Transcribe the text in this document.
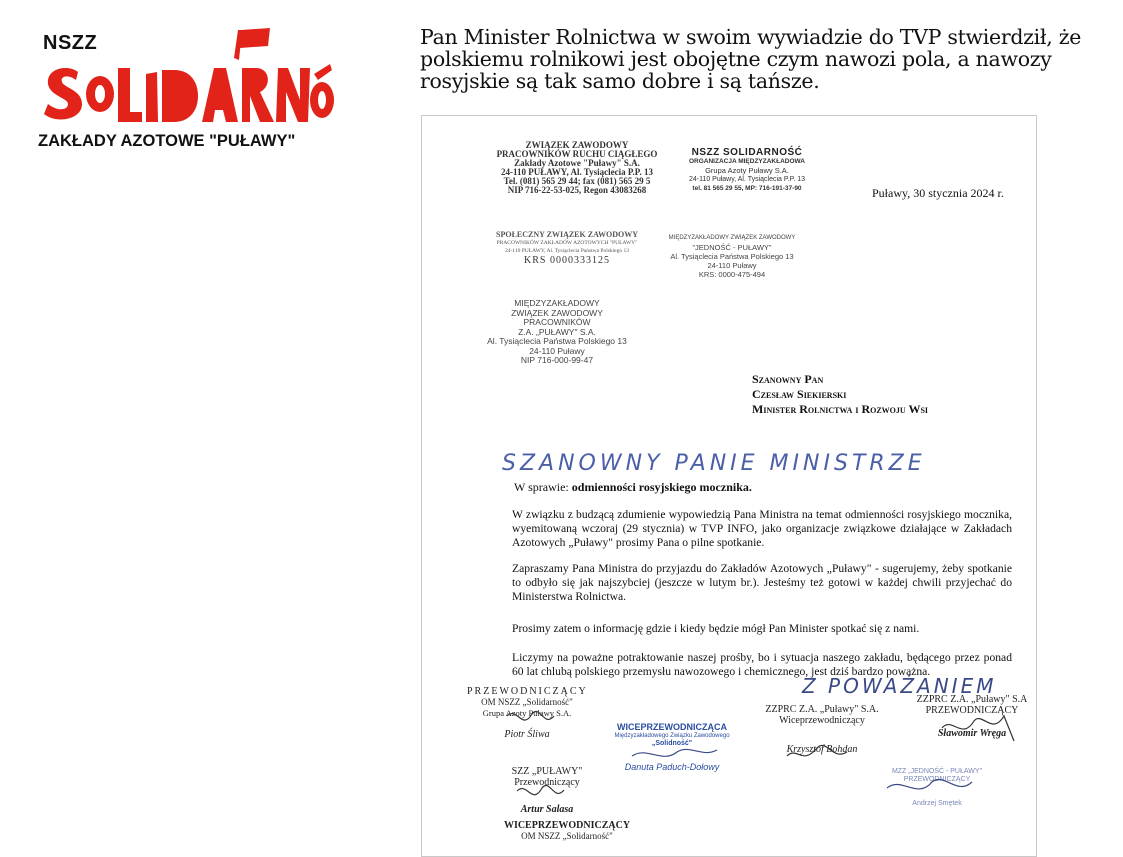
NSZZ
ZAKŁADY AZOTOWE "PUŁAWY"
Pan Minister Rolnictwa w swoim wywiadzie do TVP stwierdził, że
polskiemu rolnikowi jest obojętne czym nawozi pola, a nawozy
rosyjskie są tak samo dobre i są tańsze.
ZWIĄZEK ZAWODOWY
PRACOWNIKÓW RUCHU CIĄGŁEGO
Zakłady Azotowe "Puławy" S.A.
24-110 PUŁAWY, Al. Tysiąclecia P.P. 13
Tel. (081) 565 29 44; fax (081) 565 29 5
NIP 716-22-53-025, Regon 43083268
NSZZ SOLIDARNOŚĆ
ORGANIZACJA MIĘDZYZAKŁADOWA
Grupa Azoty Puławy S.A.
24-110 Puławy, Al. Tysiąclecia P.P. 13
tel. 81 565 29 55, MP: 716-191-37-90	Puławy, 30 stycznia 2024 r.
SPOŁECZNY ZWIĄZEK ZAWODOWY
PRACOWNIKÓW ZAKŁADÓW AZOTOWYCH "PUŁAWY"
24-110 PUŁAWY, Al. Tysiąclecia Państwa Polskiego 13
KRS 0000333125
MIĘDZYZAKŁADOWY ZWIĄZEK ZAWODOWY
"JEDNOŚĆ - PUŁAWY"
Al. Tysiąclecia Państwa Polskiego 13
24-110 Puławy
KRS: 0000-475-494
MIĘDZYZAKŁADOWY
ZWIĄZEK ZAWODOWY PRACOWNIKÓW
Z.A. „PUŁAWY" S.A.
Al. Tysiąclecia Państwa Polskiego 13
24-110 Puławy
NIP 716-000-99-47
Szanowny Pan
Czesław Siekierski
Minister Rolnictwa i Rozwoju Wsi
SZANOWNY PANIE MINISTRZE
W sprawie: odmienności rosyjskiego mocznika.
W związku z budzącą zdumienie wypowiedzią Pana Ministra na temat odmienności rosyjskiego mocznika, wyemitowaną wczoraj (29 stycznia) w TVP INFO, jako organizacje związkowe działające w Zakładach Azotowych „Puławy" prosimy Pana o pilne spotkanie.
Zapraszamy Pana Ministra do przyjazdu do Zakładów Azotowych „Puławy" - sugerujemy, żeby spotkanie to odbyło się jak najszybciej (jeszcze w lutym br.). Jesteśmy też gotowi w każdej chwili przyjechać do Ministerstwa Rolnictwa.
Prosimy zatem o informację gdzie i kiedy będzie mógł Pan Minister spotkać się z nami.
Liczymy na poważne potraktowanie naszej prośby, bo i sytuacja naszego zakładu, będącego przez ponad 60 lat chlubą polskiego przemysłu nawozowego i chemicznego, jest dziś bardzo poważna.
Z POWAŻANIEM
PRZEWODNICZĄCY
OM NSZZ „Solidarność"
Grupa Azoty Puławy S.A.
Piotr Śliwa
WICEPRZEWODNICZĄCA
Międzyzakładowego Związku Zawodowego
„Solidność"
Danuta Paduch-Dołowy
ZZPRC Z.A. „Puławy" S.A.
Wiceprzewodniczący
Krzysztof Bohdan
ZZPRC Z.A. „Puławy" S.A
PRZEWODNICZĄCY
Sławomir Wręga
SZZ „PUŁAWY"
Przewodniczący
Artur Salasa
MZZ „JEDNOŚĆ - PUŁAWY"
PRZEWODNICZĄCY
Andrzej Smętek
WICEPRZEWODNICZĄCY
OM NSZZ „Solidarność"
